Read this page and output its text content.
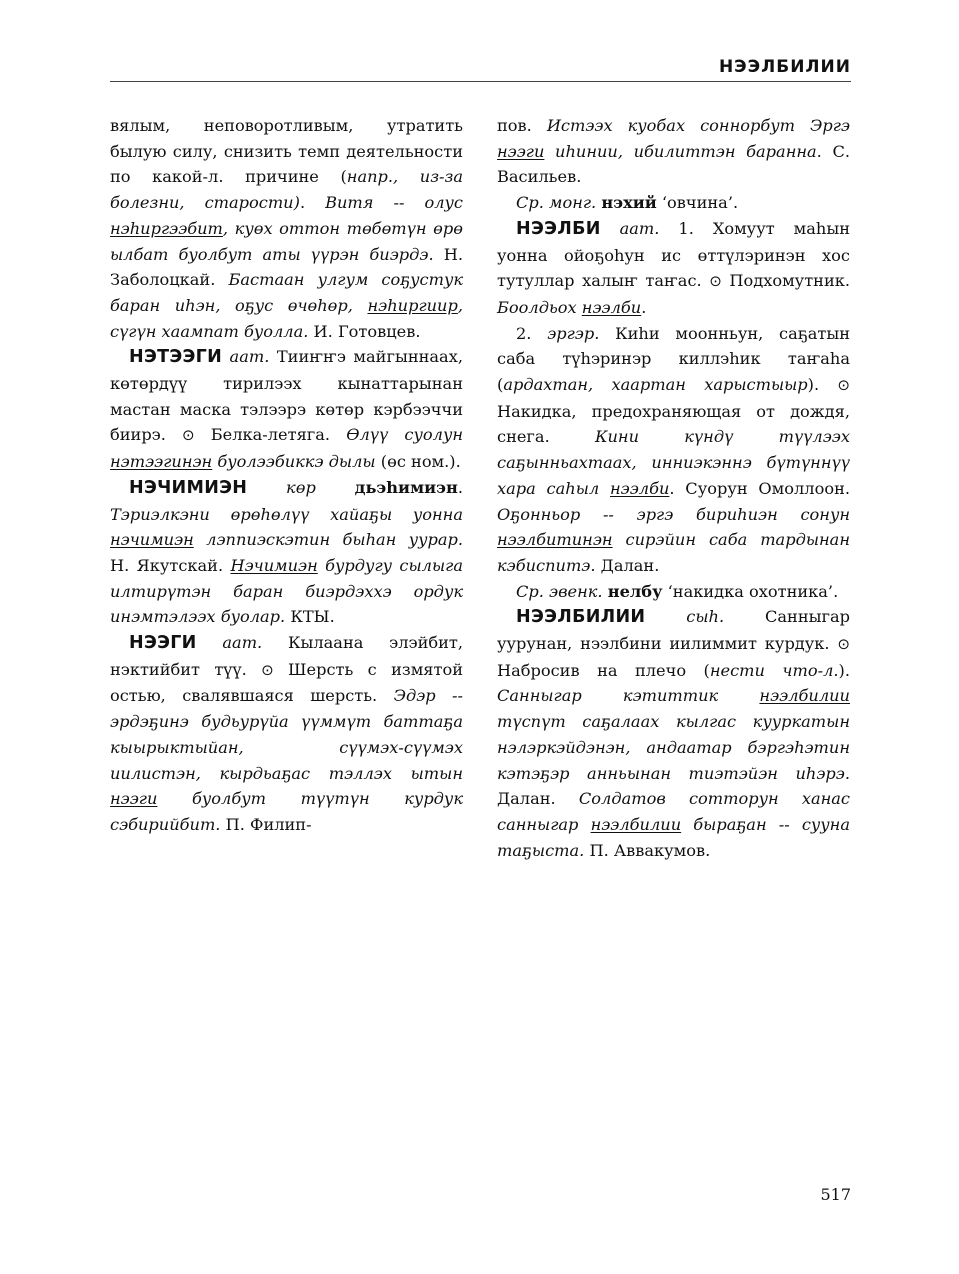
НЭЭЛБИЛИИ

вялым, неповоротливым, утратить былую силу, снизить темп деятельности по какой-л. причине (напр., из-за болезни, старости). Витя -- олус нэһиргээбит, куөх оттон төбөтүн өрө ылбат буолбут аты үүрэн биэрдэ. Н. Заболоцкай. Бастаан улгум соҕустук баран иһэн, оҕус өчөһөр, нэһиргиир, сүгүн хаампат буолла. И. Готовцев.

НЭТЭЭГИ аат. Тииҥҥэ майгыннаах, көтөрдүү тирилээх кынаттарынан мастан маска тэлээрэ көтөр кэрбээччи биирэ. ⊙ Белка-летяга. Өлүү суолун нэтээгинэн буолээбиккэ дылы (өс ном.).

НЭЧИМИЭН көр дьэһимиэн. Тэриэлкэни өрөһөлүү хайаҕы уонна нэчимиэн лэппиэскэтин быһан уурар. Н. Якутскай. Нэчимиэн бурдугу сылыга илтирүтэн баран биэрдэххэ ордук инэмтэлээх буолар. КТЫ.

НЭЭГИ аат. Кылаана элэйбит, нэктийбит түү. ⊙ Шерсть с измятой остью, свалявшаяся шерсть. Эдэр -- эрдэҕинэ будьурүйа үүммүт баттаҕа кыырыктыйан, сүүмэх-сүүмэх иилистэн, кырдьаҕас тэллэх ытын нээги буолбут түүтүн курдук сэбирийбит. П. Филип-

пов. Истээх куобах соннорбут Эргэ нээги иһинии, ибилиттэн баранна. С. Васильев.

Ср. монг. нэхий ‘овчина’.

НЭЭЛБИ аат. 1. Хомуут маһын уонна ойоҕоһун ис өттүлэринэн хос тутуллар халыҥ таҥас. ⊙ Подхомутник. Боолдьох нээлби.

2. эргэр. Киһи моонньун, саҕатын саба түһэринэр киллэһик таҥаһа (ардахтан, хаартан харыстыыр). ⊙ Накидка, предохраняющая от дождя, снега. Кини күндү түүлээх саҕынньахтаах, инниэкэннэ бүтүннүү хара саһыл нээлби. Суорун Омоллоон. Оҕонньор -- эргэ бириһиэн сонун нээлбитинэн сирэйин саба тардынан кэбиспитэ. Далан.

Ср. эвенк. нелбу ‘накидка охотника’.

НЭЭЛБИЛИИ сыһ. Санныгар уурунан, нээлбини иилиммит курдук. ⊙ Набросив на плечо (нести что-л.). Санныгар кэтиттик нээлбилии түспүт саҕалаах кылгас кууркатын нэлэркэйдэнэн, андаатар бэргэһэтин кэтэҕэр анньынан тиэтэйэн иһэрэ. Далан. Солдатов сотторун ханас санныгар нээлбилии быраҕан -- сууна таҕыста. П. Аввакумов.

517
